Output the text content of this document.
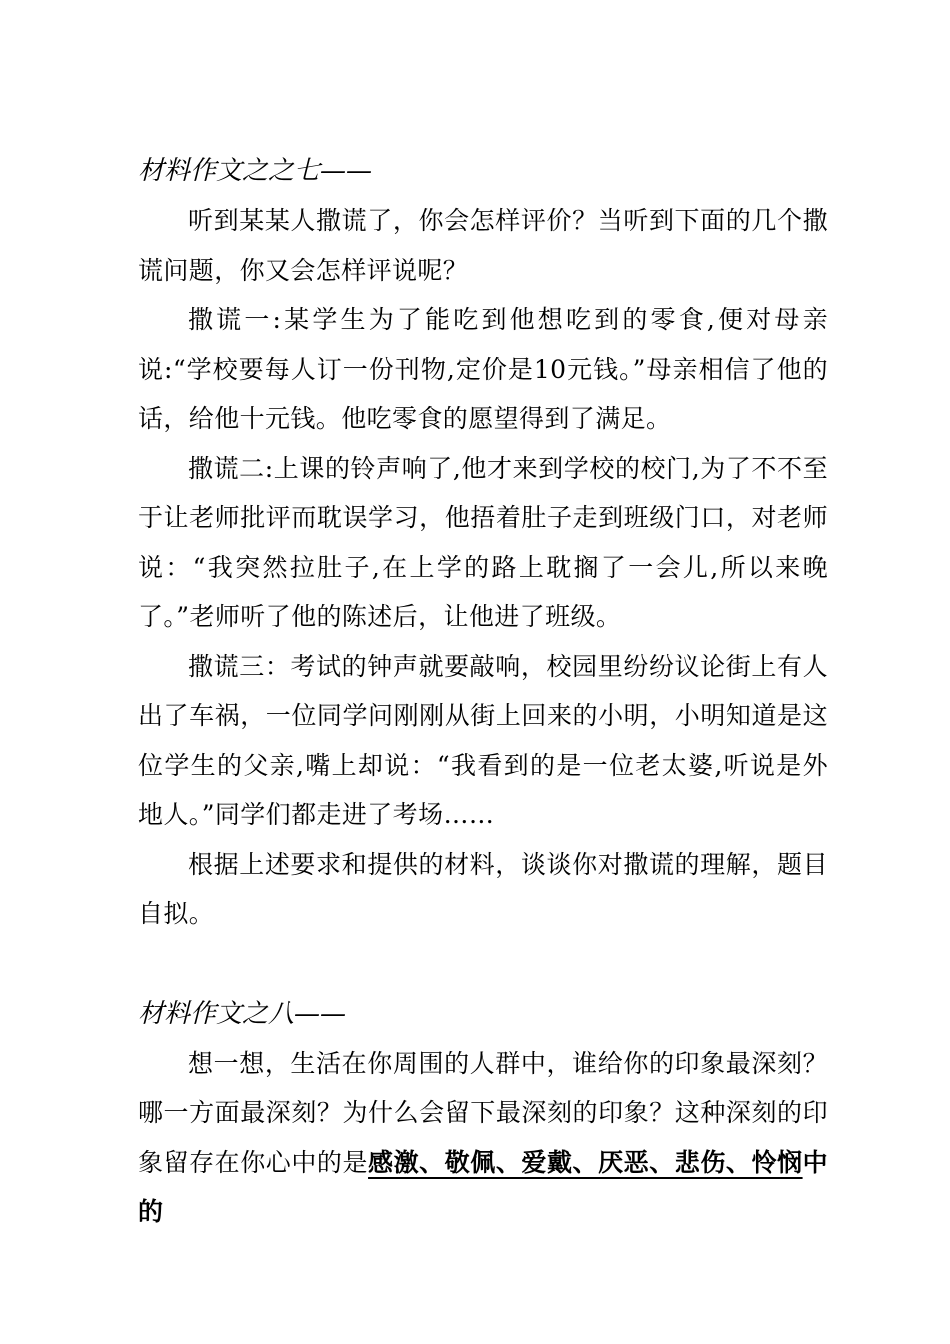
材料作文之之七——

听到某某人撒谎了，你会怎样评价？当听到下面的几个撒谎问题，你又会怎样评说呢？

撒谎一:某学生为了能吃到他想吃到的零食,便对母亲说:“学校要每人订一份刊物,定价是10元钱。”母亲相信了他的话，给他十元钱。他吃零食的愿望得到了满足。

撒谎二:上课的铃声响了,他才来到学校的校门,为了不不至于让老师批评而耽误学习，他捂着肚子走到班级门口，对老师说：“我突然拉肚子,在上学的路上耽搁了一会儿,所以来晚了。”老师听了他的陈述后，让他进了班级。

撒谎三：考试的钟声就要敲响，校园里纷纷议论街上有人出了车祸，一位同学问刚刚从街上回来的小明，小明知道是这位学生的父亲,嘴上却说：“我看到的是一位老太婆,听说是外地人。”同学们都走进了考场……

根据上述要求和提供的材料，谈谈你对撒谎的理解，题目自拟。

材料作文之八——

想一想，生活在你周围的人群中，谁给你的印象最深刻？哪一方面最深刻？为什么会留下最深刻的印象？这种深刻的印象留存在你心中的是感激、敬佩、爱戴、厌恶、悲伤、怜悯中的
